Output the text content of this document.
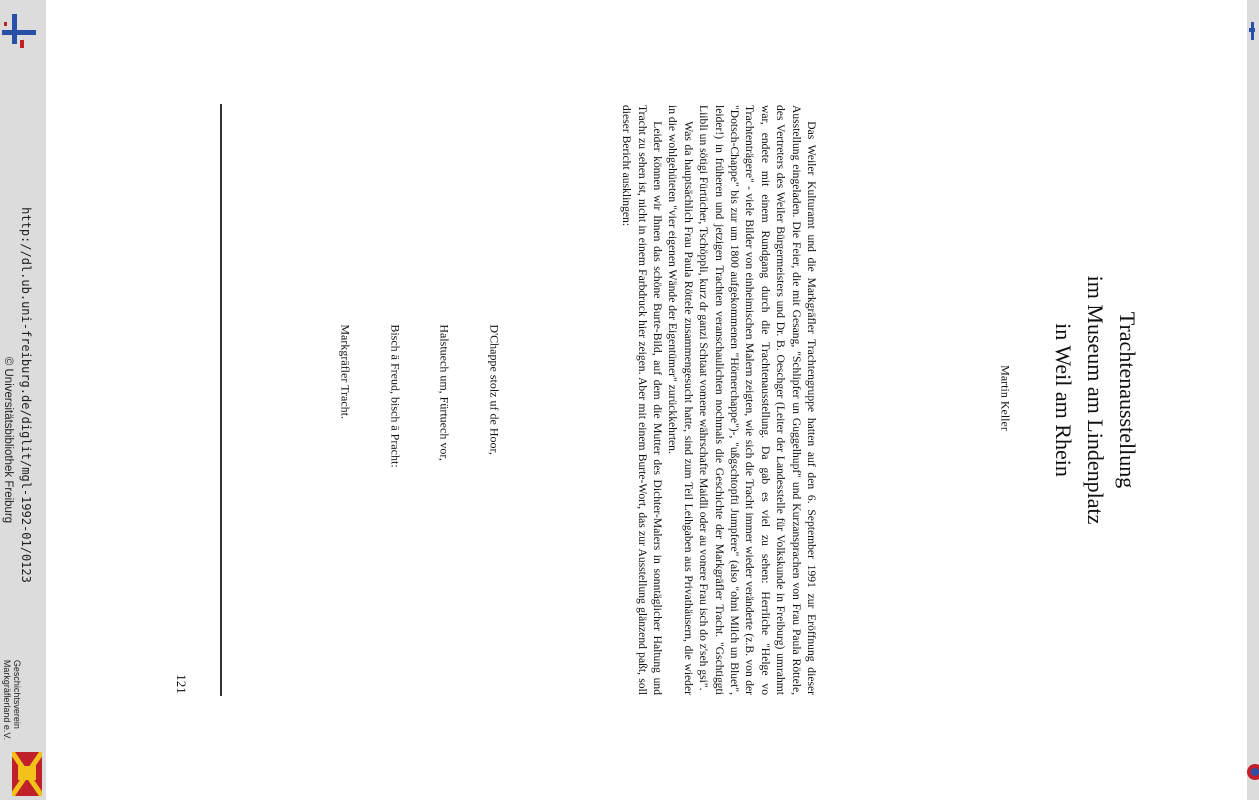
http://dl.ub.uni-freiburg.de/diglit/mgl-1992-01/0123
© Universitätsbibliothek Freiburg
Geschichtsverein
Markgräflerland e.V.
Trachtenausstellung
im Museum am Lindenplatz
in Weil am Rhein
Martin Keller

Das Weiler Kulturamt und die Markgräfler Trachtengruppe hatten auf den 6. September 1991 zur Eröffnung dieser Ausstellung eingeladen. Die Feier, die mit Gesang, "Schlipfer un Guggelhupf" und Kurzansprachen von Frau Paula Röttele, des Vertreters des Weiler Bürgermeisters und Dr. B. Oeschger (Leiter der Landesstelle für Volkskunde in Freiburg) umrahmt war, endete mit einem Rundgang durch die Trachtenausstellung. Da gab es viel zu sehen: Herrliche "Helge vo Trachtenträgere" - viele Bilder von einheimischen Malern zeigten, wie sich die Tracht immer wieder veränderte (z.B. von der "Dotsch-Chappe" bis zur um 1800 aufgekommenen "Hörnerchappe")-, "ußgschtopfti Jumpfere" (also "ohni Milch un Bluet", leider!) in früheren und jetzigen Trachten veranschaulichten nochmals die Geschichte der Markgräfler Tracht. "Gschtiggti Liibli un sötigi Fürtücher, Tschöppli, kurz dr ganzi Schtaat vomene währschafte Maidli oder au vonere Frau isch do z'seh gsi".

Was da hauptsächlich Frau Paula Röttele zusammengesucht hatte, sind zum Teil Leihgaben aus Privathäusern, die wieder in die wohlgehüteten "vier eigenen Wände der Eigentümer" zurückkehrten.

Leider können wir Ihnen das schöne Burte-Bild, auf dem die Mutter des Dichter-Malers in sonntäglicher Haltung und Tracht zu sehen ist, nicht in einem Farbdruck hier zeigen. Aber mit einem Burte-Wort, das zur Ausstellung glänzend paßt, soll dieser Bericht ausklingen:

D'Chappe stolz uf de Hoor,

Halstuech um, Fürtuech vor,

Bisch ä Freud, bisch ä Pracht:

Markgräfler Tracht.

121
